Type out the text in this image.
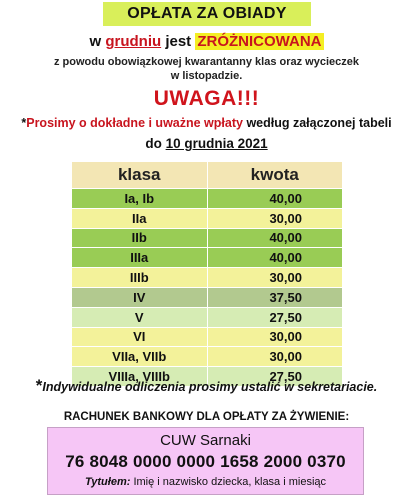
OPŁATA ZA OBIADY
w grudniu jest ZRÓŻNICOWANA
z powodu obowiązkowej kwarantanny klas oraz wycieczek
w listopadzie.
UWAGA!!!
*Prosimy o dokładne i uważne wpłaty według załączonej tabeli
do 10 grudnia 2021
klasa	kwota
Ia, Ib	40,00
IIa	30,00
IIb	40,00
IIIa	40,00
IIIb	30,00
IV	37,50
V	27,50
VI	30,00
VIIa, VIIb	30,00
VIIIa, VIIIb	27,50
*Indywidualne odliczenia prosimy ustalić w sekretariacie.
RACHUNEK BANKOWY DLA OPŁATY ZA ŻYWIENIE:
CUW Sarnaki
76 8048 0000 0000 1658 2000 0370
Tytułem: Imię i nazwisko dziecka, klasa i miesiąc
